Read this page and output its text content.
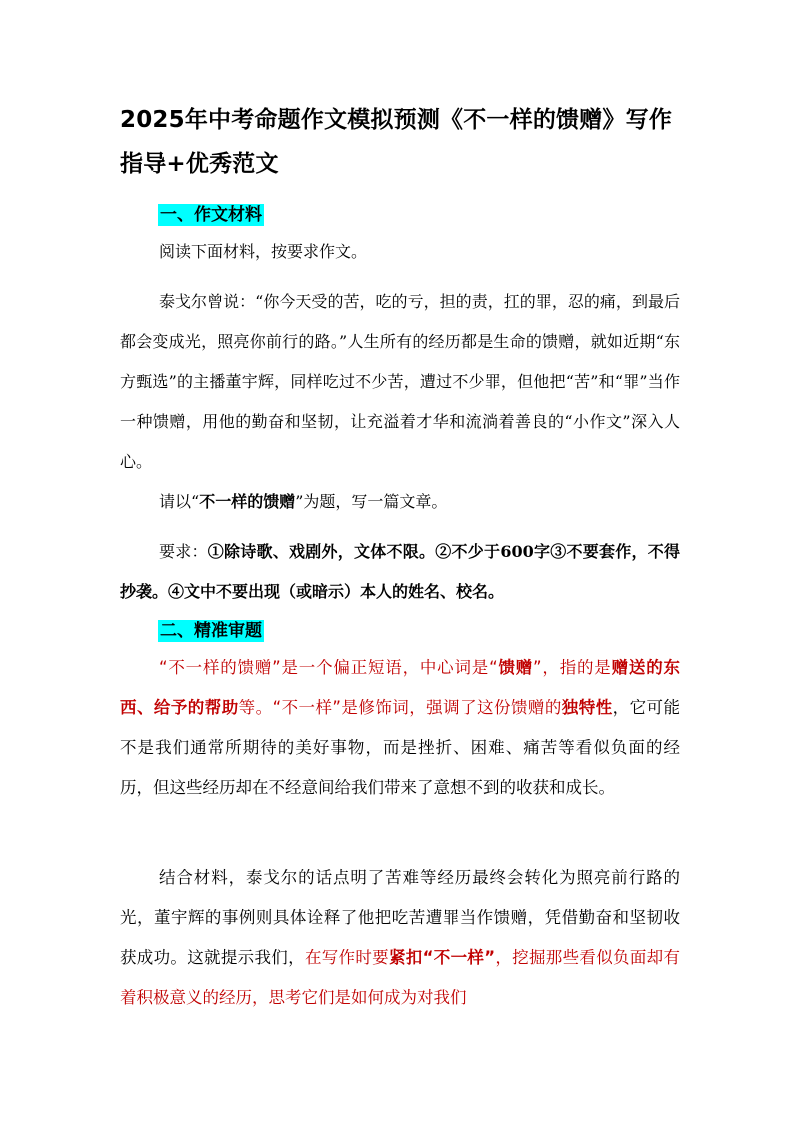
2025年中考命题作文模拟预测《不一样的馈赠》写作指导+优秀范文
一、作文材料
阅读下面材料，按要求作文。
泰戈尔曾说：“你今天受的苦，吃的亏，担的责，扛的罪，忍的痛，到最后都会变成光，照亮你前行的路。”人生所有的经历都是生命的馈赠，就如近期“东方甄选”的主播董宇辉，同样吃过不少苦，遭过不少罪，但他把“苦”和“罪”当作一种馈赠，用他的勤奋和坚韧，让充溢着才华和流淌着善良的“小作文”深入人心。
请以“不一样的馈赠”为题，写一篇文章。
要求：①除诗歌、戏剧外，文体不限。②不少于600字③不要套作，不得抄袭。④文中不要出现（或暗示）本人的姓名、校名。
二、精准审题
“不一样的馈赠”是一个偏正短语，中心词是“馈赠”，指的是赠送的东西、给予的帮助等。“不一样”是修饰词，强调了这份馈赠的独特性，它可能不是我们通常所期待的美好事物，而是挫折、困难、痛苦等看似负面的经历，但这些经历却在不经意间给我们带来了意想不到的收获和成长。
结合材料，泰戈尔的话点明了苦难等经历最终会转化为照亮前行路的光，董宇辉的事例则具体诠释了他把吃苦遭罪当作馈赠，凭借勤奋和坚韧收获成功。这就提示我们，在写作时要紧扣“不一样”，挖掘那些看似负面却有着积极意义的经历，思考它们是如何成为对我们
